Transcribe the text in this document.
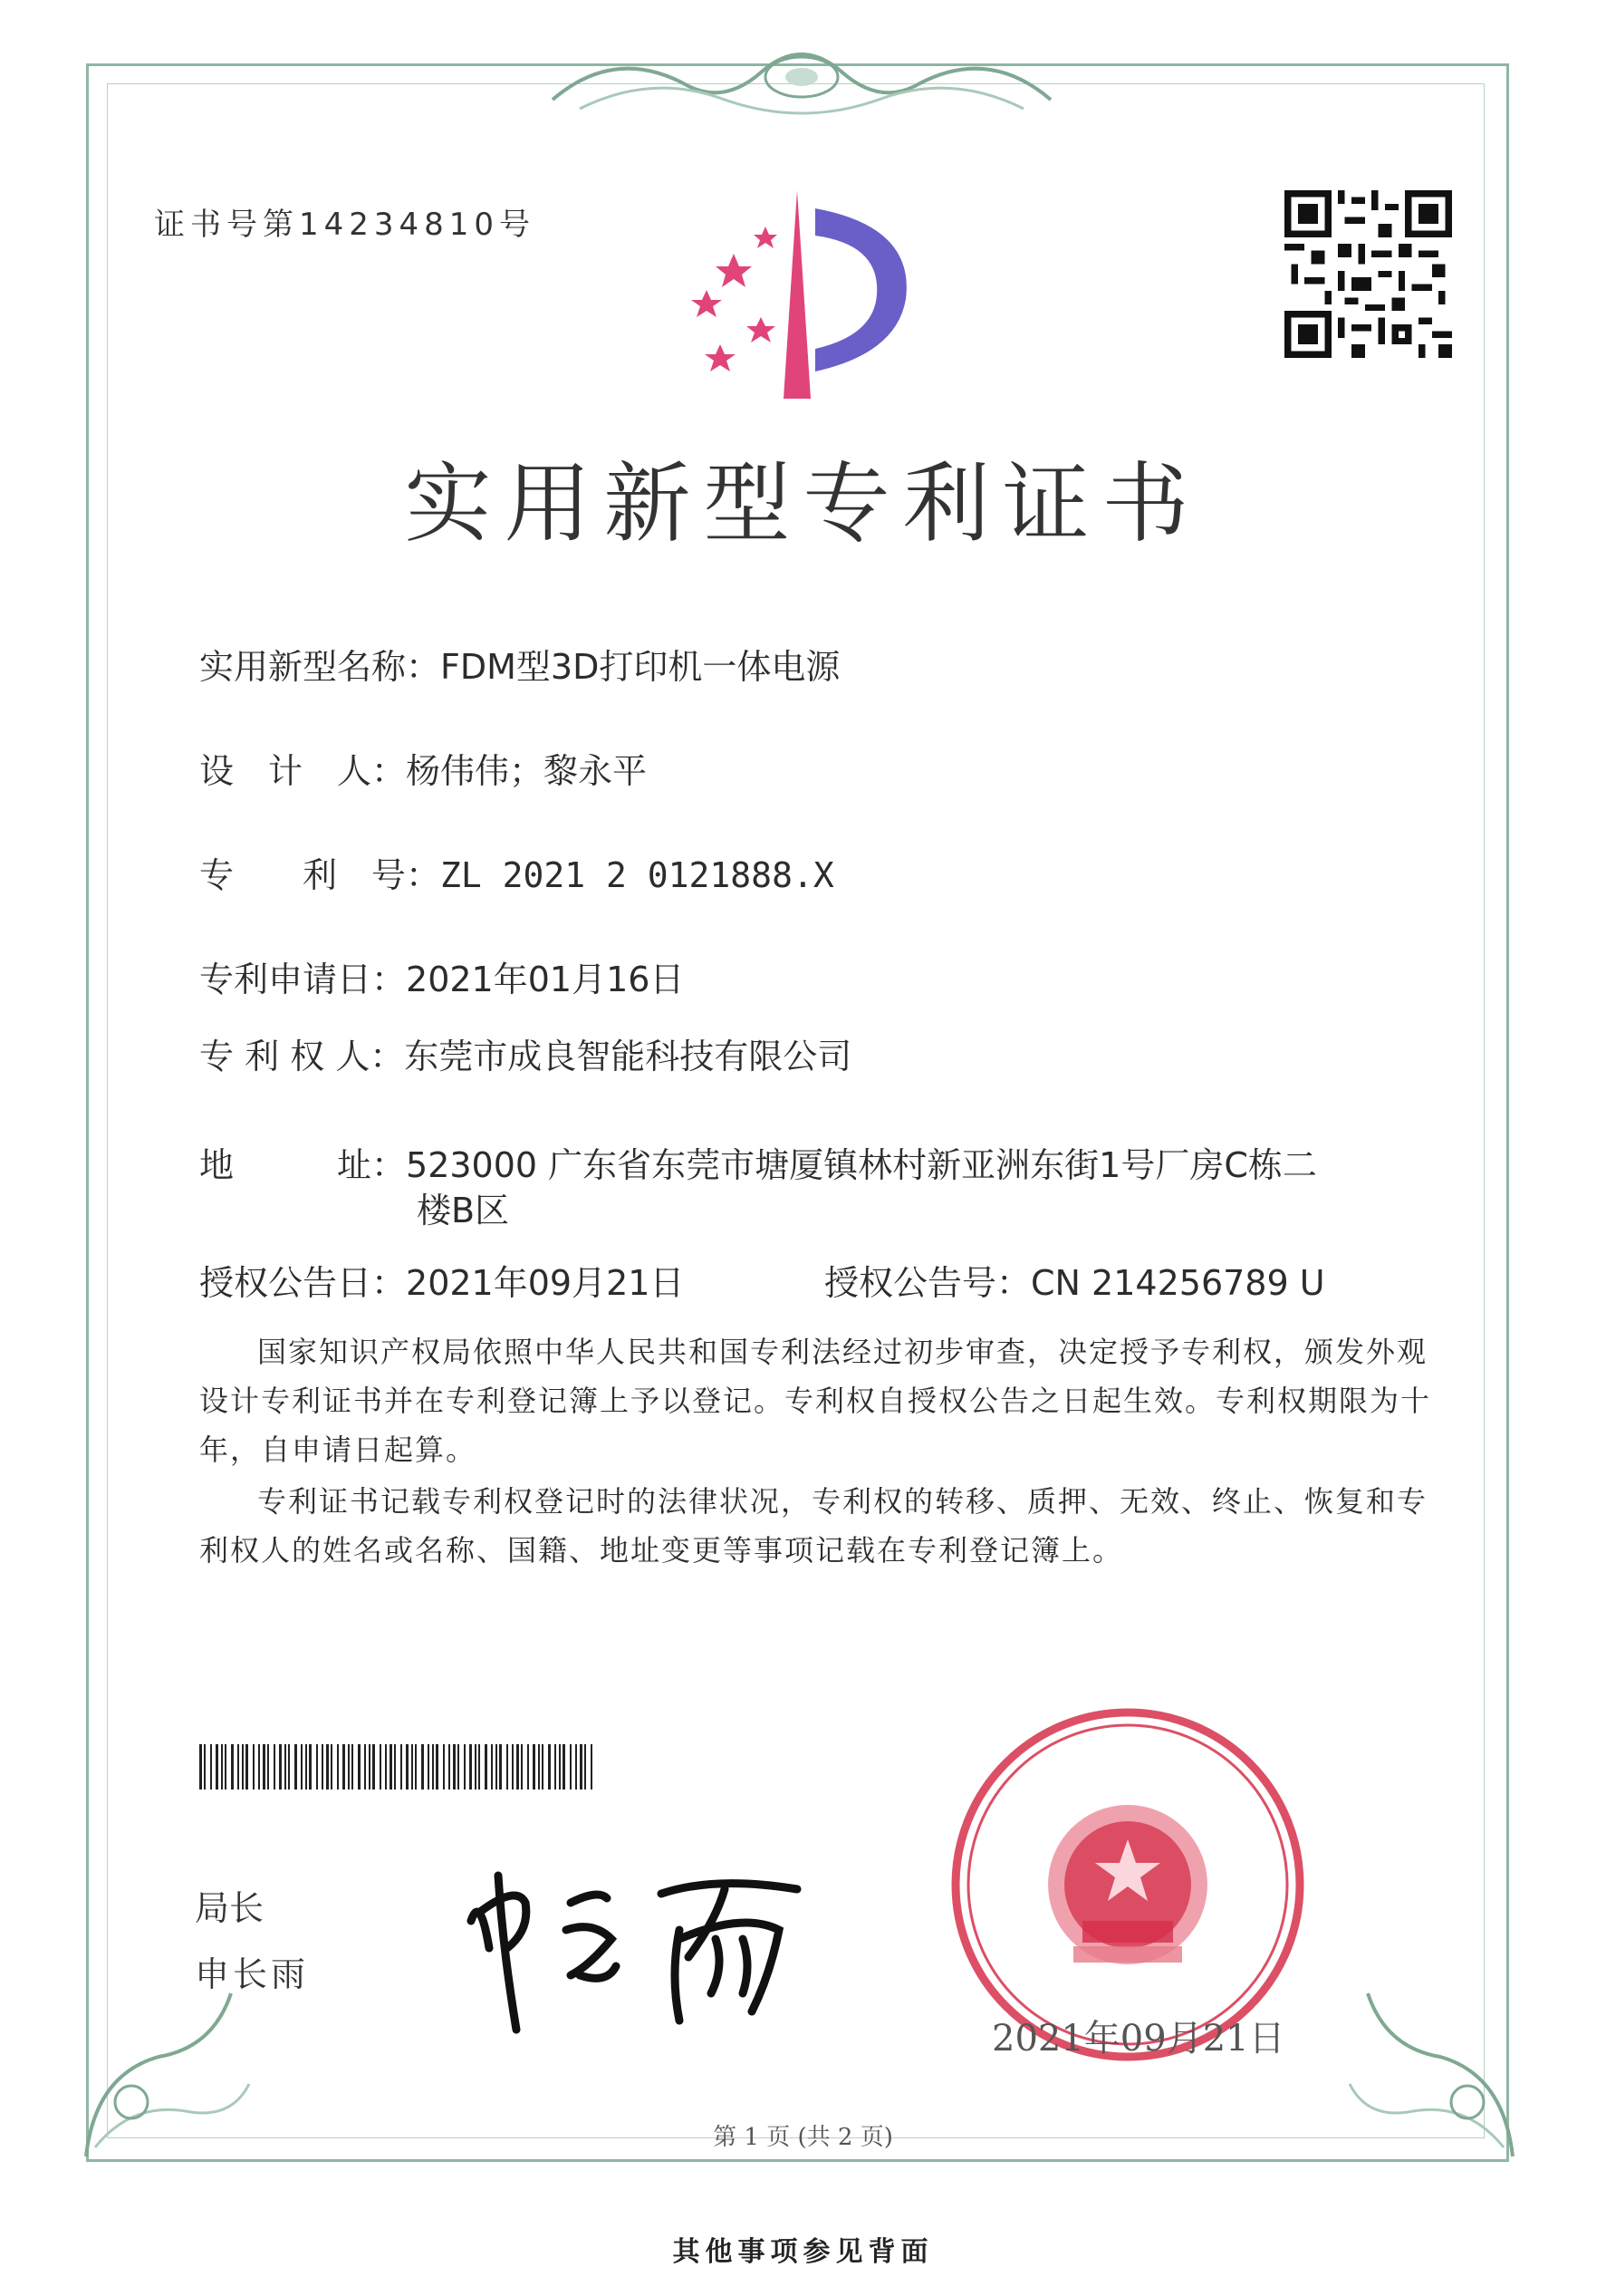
证书号第14234810号
实用新型专利证书
实用新型名称：FDM型3D打印机一体电源
设　计　人：杨伟伟；黎永平
专　　利　号：ZL 2021 2 0121888.X
专利申请日：2021年01月16日
专 利 权 人：东莞市成良智能科技有限公司
地　　　址：523000 广东省东莞市塘厦镇林村新亚洲东街1号厂房C栋二
楼B区
授权公告日：2021年09月21日	授权公告号：CN 214256789 U
国家知识产权局依照中华人民共和国专利法经过初步审查，决定授予专利权，颁发外观设计专利证书并在专利登记簿上予以登记。专利权自授权公告之日起生效。专利权期限为十年，自申请日起算。
专利证书记载专利权登记时的法律状况，专利权的转移、质押、无效、终止、恢复和专利权人的姓名或名称、国籍、地址变更等事项记载在专利登记簿上。
局长
申长雨
2021年09月21日
第 1 页 (共 2 页)
其他事项参见背面
